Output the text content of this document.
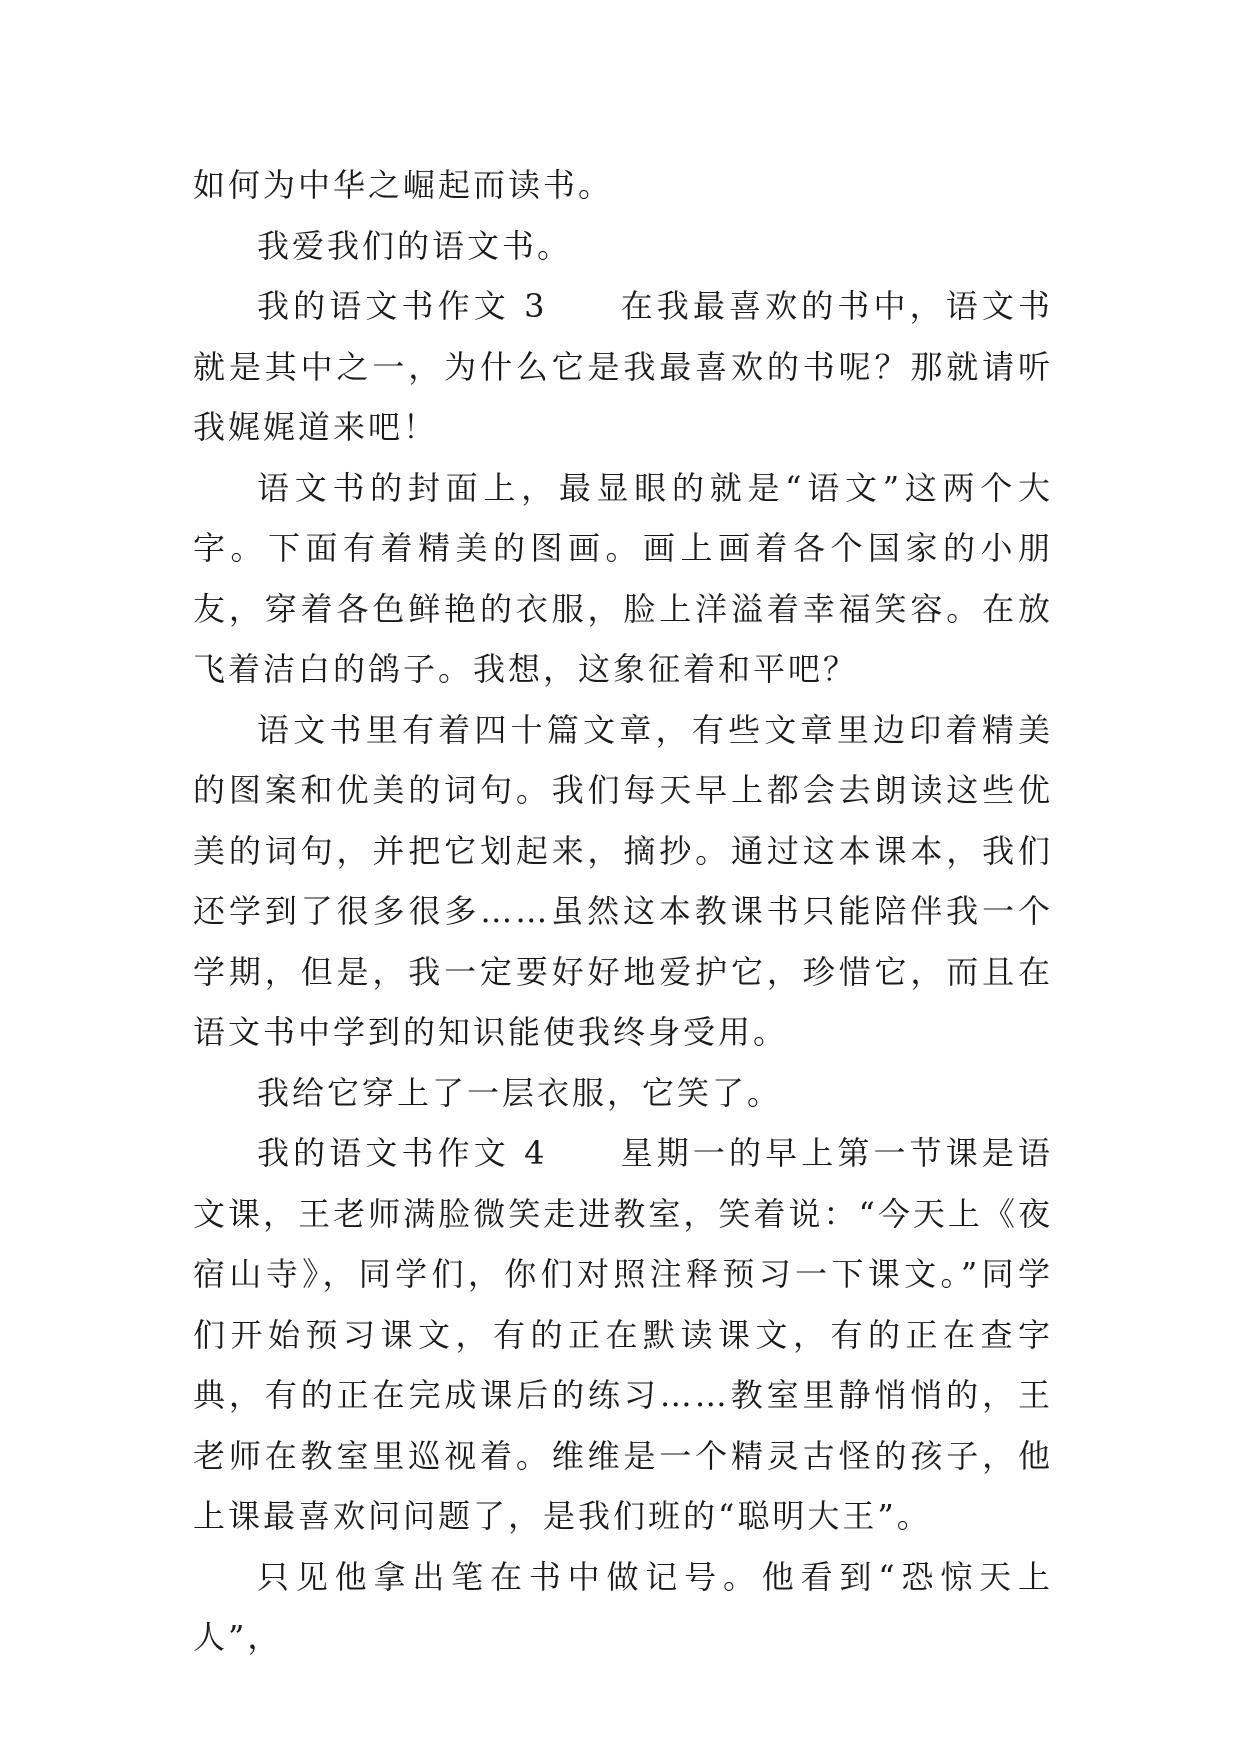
如何为中华之崛起而读书。

我爱我们的语文书。

我的语文书作文 3 在我最喜欢的书中，语文书就是其中之一，为什么它是我最喜欢的书呢？那就请听我娓娓道来吧！

语文书的封面上，最显眼的就是“语文”这两个大字。下面有着精美的图画。画上画着各个国家的小朋友，穿着各色鲜艳的衣服，脸上洋溢着幸福笑容。在放飞着洁白的鸽子。我想，这象征着和平吧？

语文书里有着四十篇文章，有些文章里边印着精美的图案和优美的词句。我们每天早上都会去朗读这些优美的词句，并把它划起来，摘抄。通过这本课本，我们还学到了很多很多……虽然这本教课书只能陪伴我一个学期，但是，我一定要好好地爱护它，珍惜它，而且在语文书中学到的知识能使我终身受用。

我给它穿上了一层衣服，它笑了。

我的语文书作文 4 星期一的早上第一节课是语文课，王老师满脸微笑走进教室，笑着说：“今天上《夜宿山寺》，同学们，你们对照注释预习一下课文。”同学们开始预习课文，有的正在默读课文，有的正在查字典，有的正在完成课后的练习……教室里静悄悄的，王老师在教室里巡视着。维维是一个精灵古怪的孩子，他上课最喜欢问问题了，是我们班的“聪明大王”。

只见他拿出笔在书中做记号。他看到“恐惊天上人”，
